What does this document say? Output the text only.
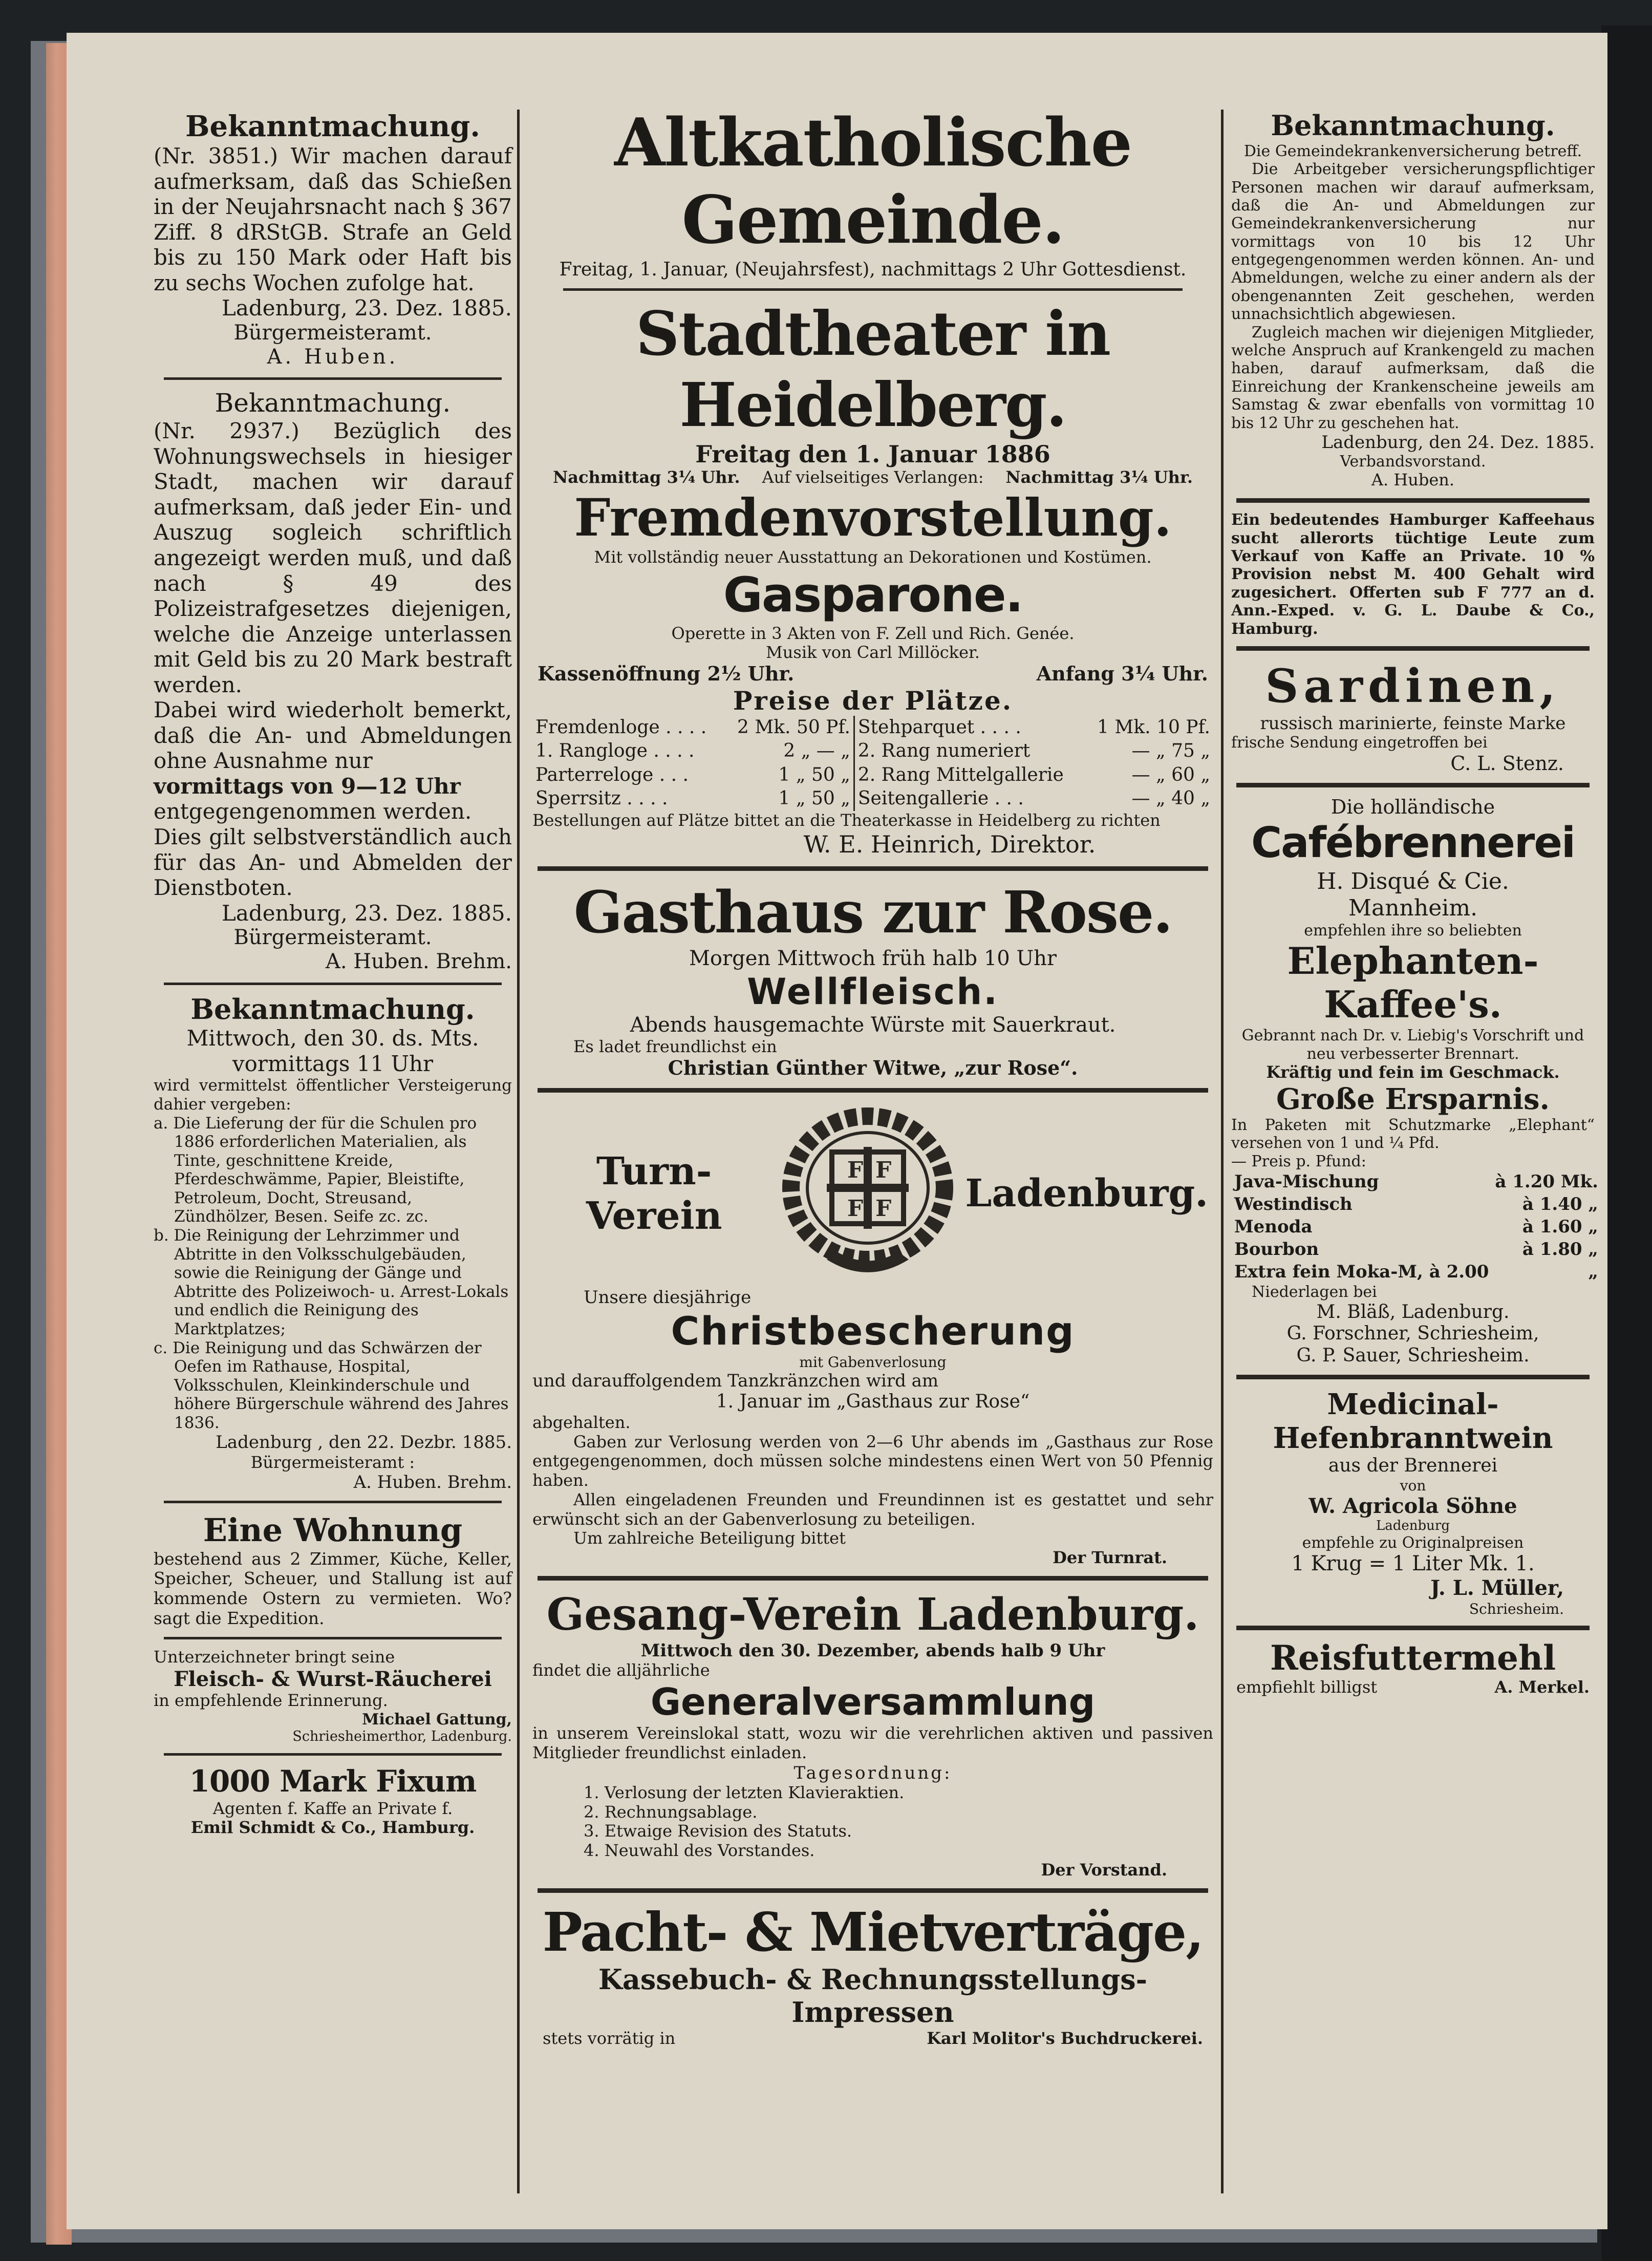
Bekanntmachung.

(Nr. 3851.) Wir machen darauf aufmerksam, daß das Schießen in der Neujahrsnacht nach § 367 Ziff. 8 dRStGB. Strafe an Geld bis zu 150 Mark oder Haft bis zu sechs Wochen zufolge hat.

Ladenburg, 23. Dez. 1885.

Bürgermeisteramt.

A. Huben.

Bekanntmachung.

(Nr. 2937.) Bezüglich des Wohnungswechsels in hiesiger Stadt, machen wir darauf aufmerksam, daß jeder Ein- und Auszug sogleich schriftlich angezeigt werden muß, und daß nach § 49 des Polizeistrafgesetzes diejenigen, welche die Anzeige unterlassen mit Geld bis zu 20 Mark bestraft werden.

Dabei wird wiederholt bemerkt, daß die An- und Abmeldungen ohne Ausnahme nur

vormittags von 9—12 Uhr

entgegengenommen werden.

Dies gilt selbstverständlich auch für das An- und Abmelden der Dienstboten.

Ladenburg, 23. Dez. 1885.

Bürgermeisteramt.

A. Huben. Brehm.

Bekanntmachung.

Mittwoch, den 30. ds. Mts.

vormittags 11 Uhr

wird vermittelst öffentlicher Versteigerung dahier vergeben:

a. Die Lieferung der für die Schulen pro 1886 erforderlichen Materialien, als Tinte, geschnittene Kreide, Pferdeschwämme, Papier, Bleistifte, Petroleum, Docht, Streusand, Zündhölzer, Besen. Seife zc. zc.

b. Die Reinigung der Lehrzimmer und Abtritte in den Volksschulgebäuden, sowie die Reinigung der Gänge und Abtritte des Polizeiwoch- u. Arrest-Lokals und endlich die Reinigung des Marktplatzes;

c. Die Reinigung und das Schwärzen der Oefen im Rathause, Hospital, Volksschulen, Kleinkinderschule und höhere Bürgerschule während des Jahres 1836.

Ladenburg , den 22. Dezbr. 1885.

Bürgermeisteramt :

A. Huben. Brehm.

Eine Wohnung

bestehend aus 2 Zimmer, Küche, Keller, Speicher, Scheuer, und Stallung ist auf kommende Ostern zu vermieten. Wo? sagt die Expedition.

Unterzeichneter bringt seine

Fleisch- & Wurst-Räucherei

in empfehlende Erinnerung.

Michael Gattung,

Schriesheimerthor, Ladenburg.

1000 Mark Fixum

Agenten f. Kaffe an Private f.

Emil Schmidt & Co., Hamburg.

Altkatholische Gemeinde.

Freitag, 1. Januar, (Neujahrsfest), nachmittags 2 Uhr Gottesdienst.

Stadtheater in Heidelberg.

Freitag den 1. Januar 1886

Nachmittag 3¼ Uhr. Auf vielseitiges Verlangen: Nachmittag 3¼ Uhr.

Fremdenvorstellung.

Mit vollständig neuer Ausstattung an Dekorationen und Kostümen.

Gasparone.

Operette in 3 Akten von F. Zell und Rich. Genée.

Musik von Carl Millöcker.

Kassenöffnung 2½ Uhr.	Anfang 3¼ Uhr.

Preise der Plätze.

Fremdenloge . . . .	2 Mk. 50 Pf.	Stehparquet . . . .	1 Mk. 10 Pf.
1. Rangloge . . . .	2 „ — „	2. Rang numeriert	— „ 75 „
Parterreloge . . .	1 „ 50 „	2. Rang Mittelgallerie	— „ 60 „
Sperrsitz . . . .	1 „ 50 „	Seitengallerie . . .	— „ 40 „

Bestellungen auf Plätze bittet an die Theaterkasse in Heidelberg zu richten

W. E. Heinrich, Direktor.

Gasthaus zur Rose.

Morgen Mittwoch früh halb 10 Uhr

Wellfleisch.

Abends hausgemachte Würste mit Sauerkraut.

Es ladet freundlichst ein

Christian Günther Witwe, „zur Rose“.

Turn-Verein
F F
F F Ladenburg.

Unsere diesjährige

Christbescherung

mit Gabenverlosung

und darauffolgendem Tanzkränzchen wird am

1. Januar im „Gasthaus zur Rose“

abgehalten.

Gaben zur Verlosung werden von 2—6 Uhr abends im „Gasthaus zur Rose entgegengenommen, doch müssen solche mindestens einen Wert von 50 Pfennig haben.

Allen eingeladenen Freunden und Freundinnen ist es gestattet und sehr erwünscht sich an der Gabenverlosung zu beteiligen.

Um zahlreiche Beteiligung bittet

Der Turnrat.

Gesang-Verein Ladenburg.

Mittwoch den 30. Dezember, abends halb 9 Uhr

findet die alljährliche

Generalversammlung

in unserem Vereinslokal statt, wozu wir die verehrlichen aktiven und passiven Mitglieder freundlichst einladen.

Tagesordnung:

1. Verlosung der letzten Klavieraktien.

2. Rechnungsablage.

3. Etwaige Revision des Statuts.

4. Neuwahl des Vorstandes.

Der Vorstand.

Pacht- & Mietverträge,

Kassebuch- & Rechnungsstellungs-

Impressen

stets vorrätig in	Karl Molitor's Buchdruckerei.

Bekanntmachung.

Die Gemeindekrankenversicherung betreff.

Die Arbeitgeber versicherungspflichtiger Personen machen wir darauf aufmerksam, daß die An- und Abmeldungen zur Gemeindekrankenversicherung nur vormittags von 10 bis 12 Uhr entgegengenommen werden können. An- und Abmeldungen, welche zu einer andern als der obengenannten Zeit geschehen, werden unnachsichtlich abgewiesen.

Zugleich machen wir diejenigen Mitglieder, welche Anspruch auf Krankengeld zu machen haben, darauf aufmerksam, daß die Einreichung der Krankenscheine jeweils am Samstag & zwar ebenfalls von vormittag 10 bis 12 Uhr zu geschehen hat.

Ladenburg, den 24. Dez. 1885.

Verbandsvorstand.

A. Huben.

Ein bedeutendes Hamburger Kaffeehaus sucht allerorts tüchtige Leute zum Verkauf von Kaffe an Private. 10 % Provision nebst M. 400 Gehalt wird zugesichert. Offerten sub F 777 an d. Ann.-Exped. v. G. L. Daube & Co., Hamburg.

Sardinen,

russisch marinierte, feinste Marke

frische Sendung eingetroffen bei

C. L. Stenz.

Die holländische

Cafébrennerei

H. Disqué & Cie.

Mannheim.

empfehlen ihre so beliebten

Elephanten-

Kaffee's.

Gebrannt nach Dr. v. Liebig's Vorschrift und neu verbesserter Brennart.

Kräftig und fein im Geschmack.

Große Ersparnis.

In Paketen mit Schutzmarke „Elephant“ versehen von 1 und ¼ Pfd.

— Preis p. Pfund:

Java-Mischung	à 1.20 Mk.
Westindisch	à 1.40 „
Menoda	à 1.60 „
Bourbon	à 1.80 „
Extra fein Moka-M, à 2.00	„

Niederlagen bei

M. Bläß, Ladenburg.

G. Forschner, Schriesheim,

G. P. Sauer, Schriesheim.

Medicinal-

Hefenbranntwein

aus der Brennerei

von

W. Agricola Söhne

Ladenburg

empfehle zu Originalpreisen

1 Krug = 1 Liter Mk. 1.

J. L. Müller,

Schriesheim.

Reisfuttermehl

empfiehlt billigst	A. Merkel.
